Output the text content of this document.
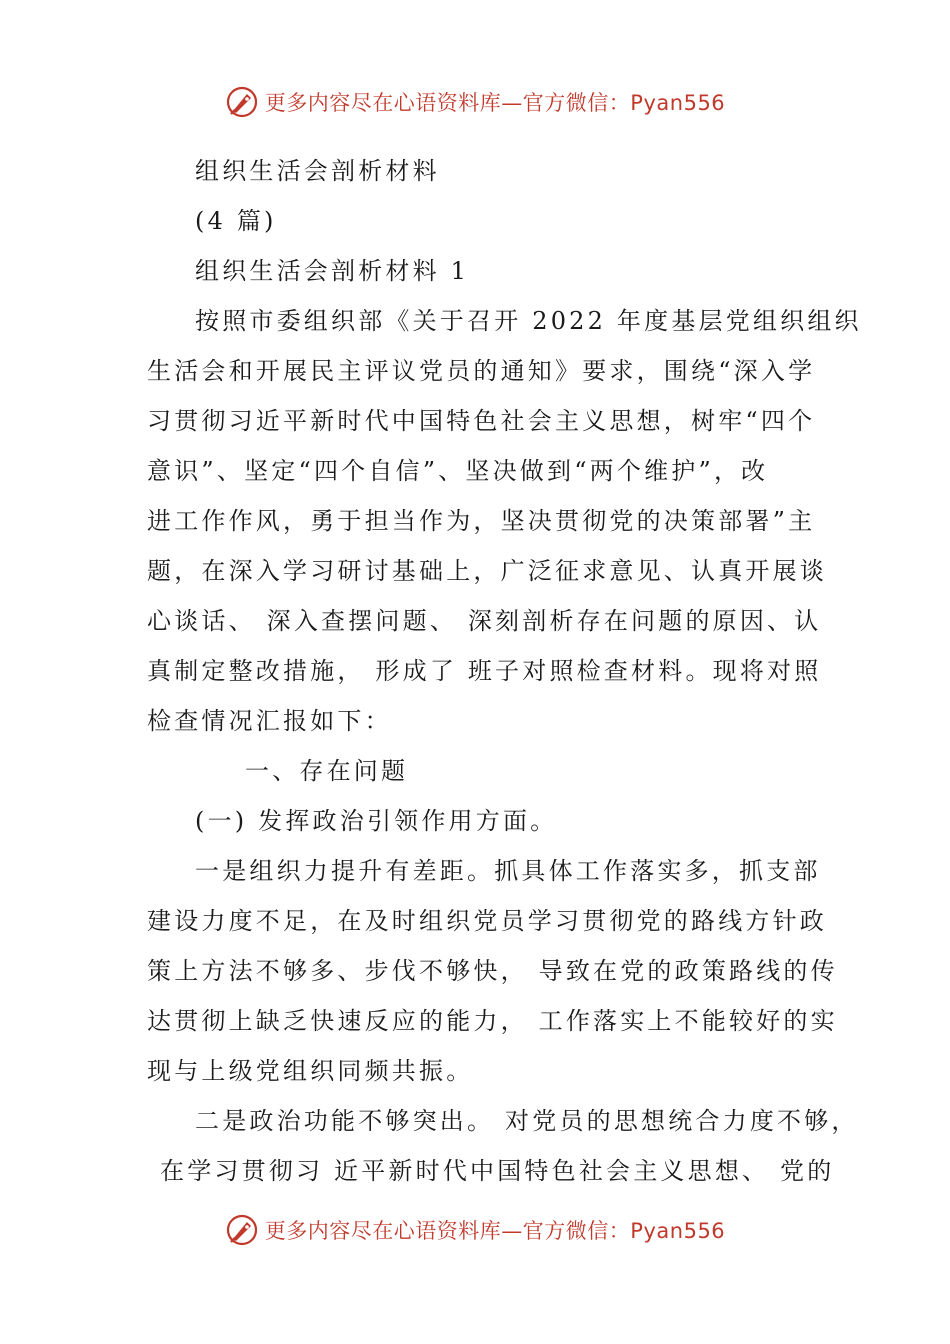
更多内容尽在心语资料库—官方微信：Pyan556
组织生活会剖析材料
(4 篇)
组织生活会剖析材料 1
按照市委组织部《关于召开 2022 年度基层党组织组织
生活会和开展民主评议党员的通知》要求，围绕“深入学
习贯彻习近平新时代中国特色社会主义思想，树牢“四个
意识”、坚定“四个自信”、坚决做到“两个维护”，改
进工作作风，勇于担当作为，坚决贯彻党的决策部署”主
题，在深入学习研讨基础上，广泛征求意见、认真开展谈
心谈话、 深入查摆问题、 深刻剖析存在问题的原因、认
真制定整改措施， 形成了 班子对照检查材料。现将对照
检查情况汇报如下：
一、存在问题
(一) 发挥政治引领作用方面。
一是组织力提升有差距。抓具体工作落实多，抓支部
建设力度不足，在及时组织党员学习贯彻党的路线方针政
策上方法不够多、步伐不够快， 导致在党的政策路线的传
达贯彻上缺乏快速反应的能力， 工作落实上不能较好的实
现与上级党组织同频共振。
二是政治功能不够突出。 对党员的思想统合力度不够，
在学习贯彻习 近平新时代中国特色社会主义思想、 党的
更多内容尽在心语资料库—官方微信：Pyan556
